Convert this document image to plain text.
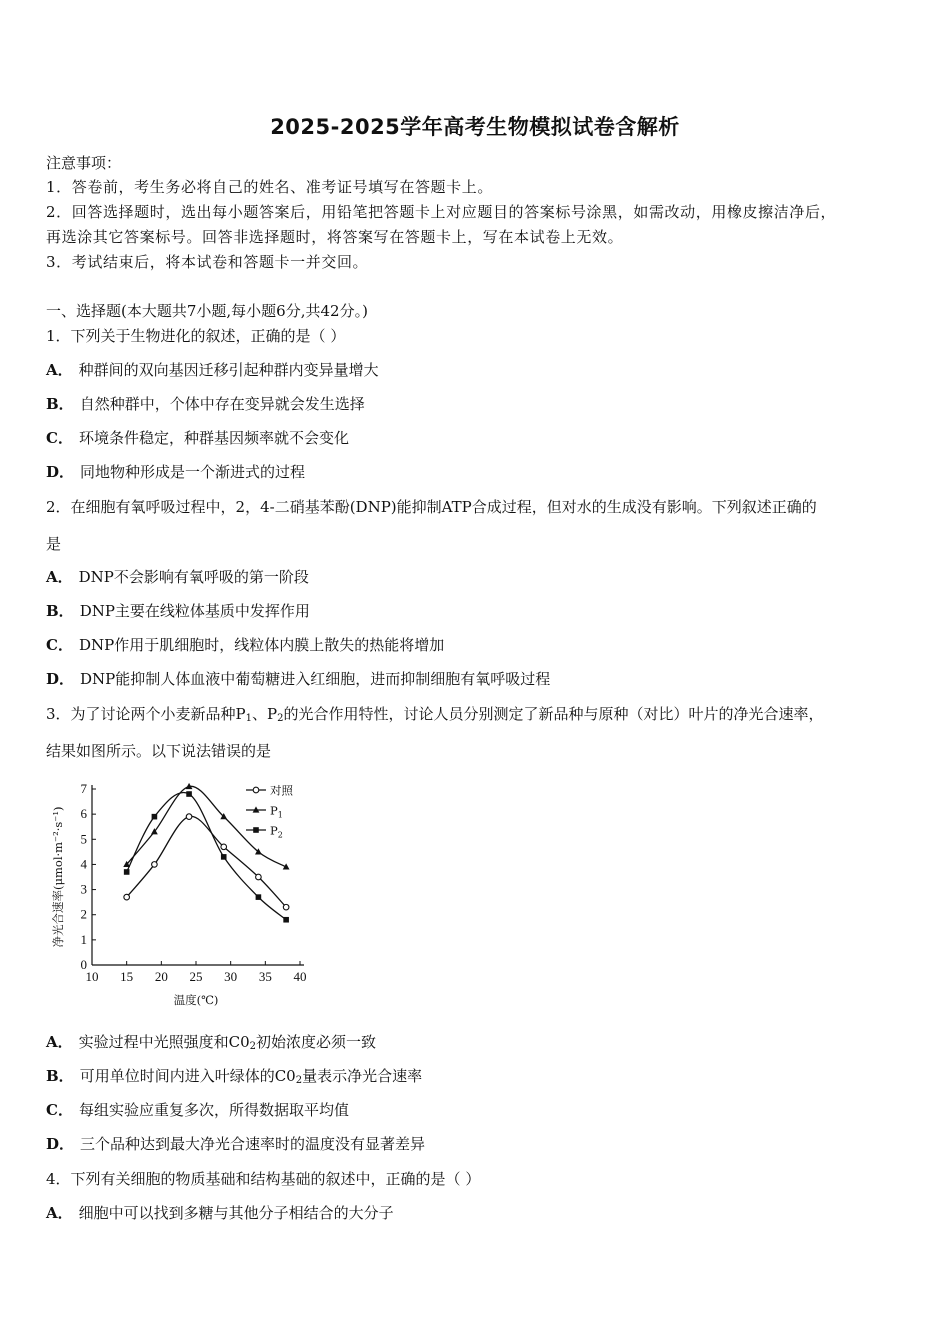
2025-2025学年高考生物模拟试卷含解析
注意事项：
1．答卷前，考生务必将自己的姓名、准考证号填写在答题卡上。
2．回答选择题时，选出每小题答案后，用铅笔把答题卡上对应题目的答案标号涂黑，如需改动，用橡皮擦洁净后，
再选涂其它答案标号。回答非选择题时，将答案写在答题卡上，写在本试卷上无效。
3．考试结束后，将本试卷和答题卡一并交回。
一、选择题(本大题共7小题,每小题6分,共42分。)
1．下列关于生物进化的叙述，正确的是（ ）
A． 种群间的双向基因迁移引起种群内变异量增大
B． 自然种群中，个体中存在变异就会发生选择
C． 环境条件稳定，种群基因频率就不会变化
D． 同地物种形成是一个渐进式的过程
2．在细胞有氧呼吸过程中，2，4-二硝基苯酚(DNP)能抑制ATP合成过程，但对水的生成没有影响。下列叙述正确的
是
A． DNP不会影响有氧呼吸的第一阶段
B． DNP主要在线粒体基质中发挥作用
C． DNP作用于肌细胞时，线粒体内膜上散失的热能将增加
D． DNP能抑制人体血液中葡萄糖进入红细胞，进而抑制细胞有氧呼吸过程
3．为了讨论两个小麦新品种$P_1$、$P_2$的光合作用特性，讨论人员分别测定了新品种与原种（对比）叶片的净光合速率，
结果如图所示。以下说法错误的是
10 15 20 25 30 35 40
0
1
2
3
4
5
6
7
温度(℃)
净光合速率(μmol·m⁻²·s⁻¹)
对照
$P_1$
$P_2$
A． 实验过程中光照强度和$C0_2$初始浓度必须一致
B． 可用单位时间内进入叶绿体的$C0_2$量表示净光合速率
C． 每组实验应重复多次，所得数据取平均值
D． 三个品种达到最大净光合速率时的温度没有显著差异
4．下列有关细胞的物质基础和结构基础的叙述中，正确的是（ ）
A． 细胞中可以找到多糖与其他分子相结合的大分子
